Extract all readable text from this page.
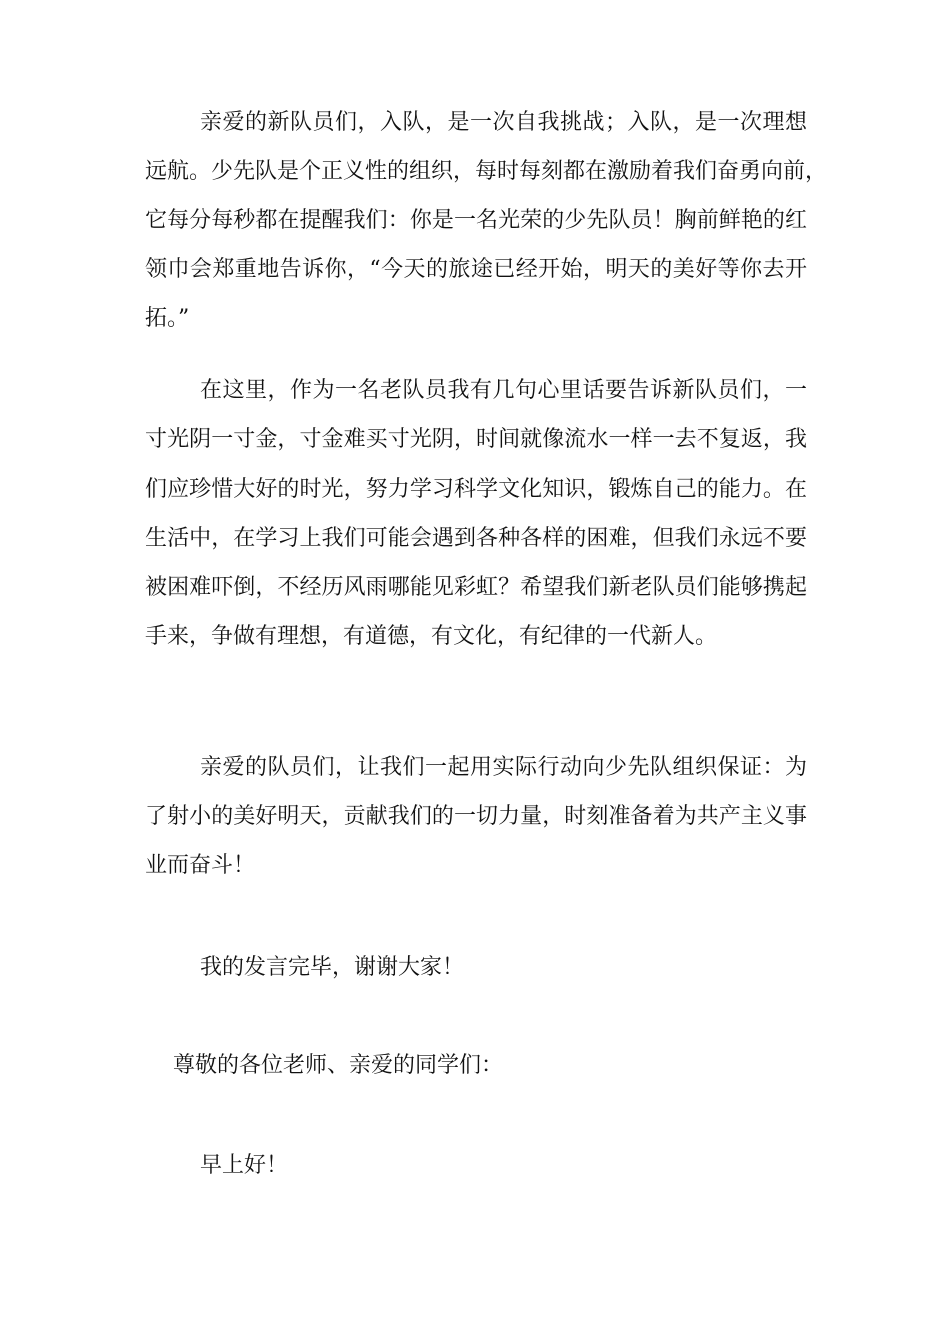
亲爱的新队员们，入队，是一次自我挑战；入队，是一次理想
远航。少先队是个正义性的组织，每时每刻都在激励着我们奋勇向前，
它每分每秒都在提醒我们：你是一名光荣的少先队员！胸前鲜艳的红
领巾会郑重地告诉你，“今天的旅途已经开始，明天的美好等你去开
拓。”
在这里，作为一名老队员我有几句心里话要告诉新队员们，一
寸光阴一寸金，寸金难买寸光阴，时间就像流水一样一去不复返，我
们应珍惜大好的时光，努力学习科学文化知识，锻炼自己的能力。在
生活中，在学习上我们可能会遇到各种各样的困难，但我们永远不要
被困难吓倒，不经历风雨哪能见彩虹？希望我们新老队员们能够携起
手来，争做有理想，有道德，有文化，有纪律的一代新人。
亲爱的队员们，让我们一起用实际行动向少先队组织保证：为
了射小的美好明天，贡献我们的一切力量，时刻准备着为共产主义事
业而奋斗！
我的发言完毕，谢谢大家！
尊敬的各位老师、亲爱的同学们：
早上好！
